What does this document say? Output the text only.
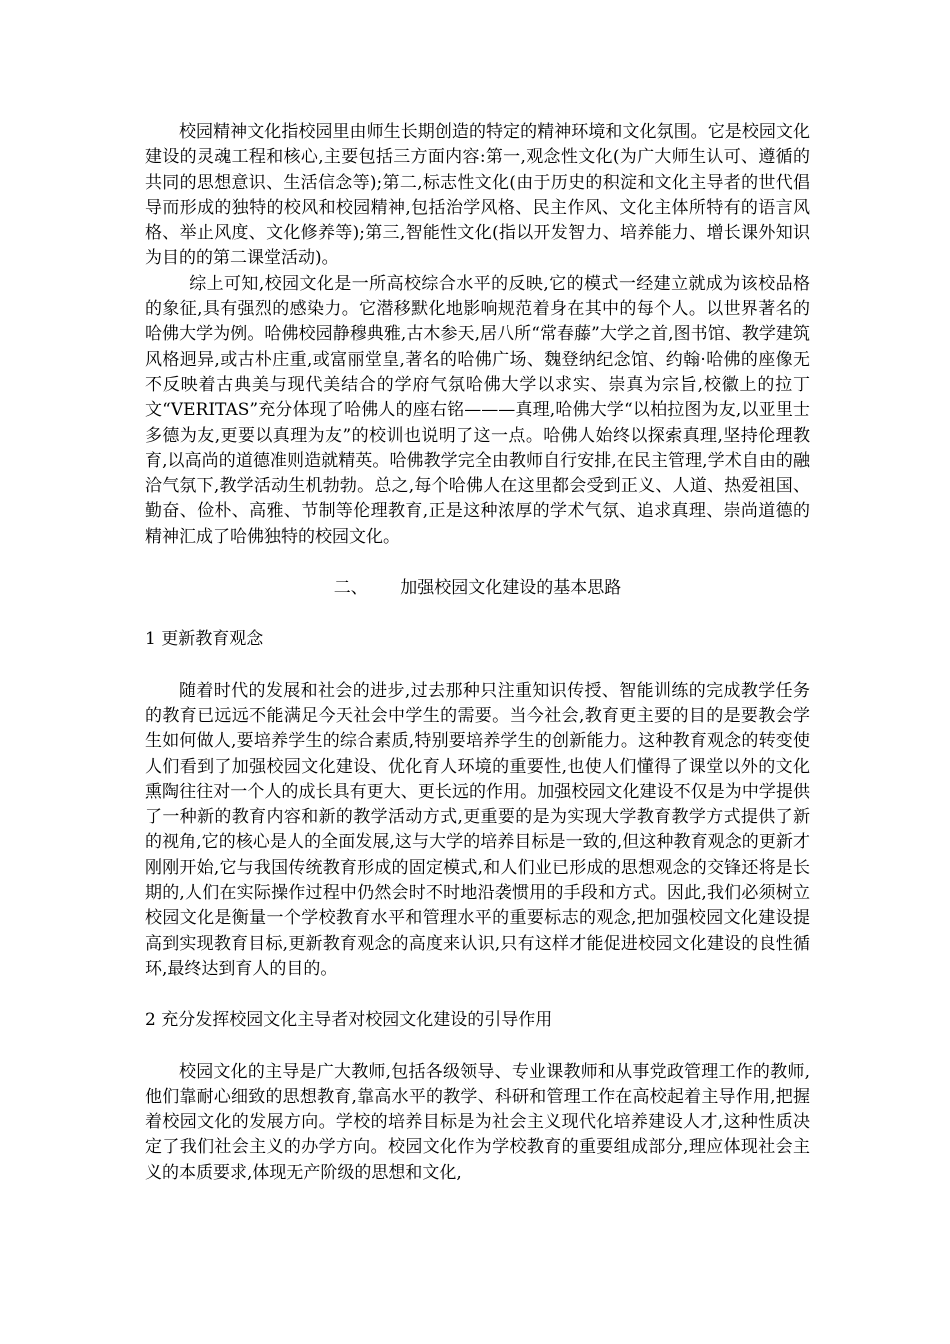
校园精神文化指校园里由师生长期创造的特定的精神环境和文化氛围。它是校园文化建设的灵魂工程和核心,主要包括三方面内容:第一,观念性文化(为广大师生认可、遵循的共同的思想意识、生活信念等);第二,标志性文化(由于历史的积淀和文化主导者的世代倡导而形成的独特的校风和校园精神,包括治学风格、民主作风、文化主体所特有的语言风格、举止风度、文化修养等);第三,智能性文化(指以开发智力、培养能力、增长课外知识为目的的第二课堂活动)。

综上可知,校园文化是一所高校综合水平的反映,它的模式一经建立就成为该校品格的象征,具有强烈的感染力。它潜移默化地影响规范着身在其中的每个人。以世界著名的哈佛大学为例。哈佛校园静穆典雅,古木参天,居八所“常春藤”大学之首,图书馆、教学建筑风格迥异,或古朴庄重,或富丽堂皇,著名的哈佛广场、魏登纳纪念馆、约翰·哈佛的座像无不反映着古典美与现代美结合的学府气氛哈佛大学以求实、崇真为宗旨,校徽上的拉丁文“VERITAS”充分体现了哈佛人的座右铭———真理,哈佛大学“以柏拉图为友,以亚里士多德为友,更要以真理为友”的校训也说明了这一点。哈佛人始终以探索真理,坚持伦理教育,以高尚的道德准则造就精英。哈佛教学完全由教师自行安排,在民主管理,学术自由的融洽气氛下,教学活动生机勃勃。总之,每个哈佛人在这里都会受到正义、人道、热爱祖国、勤奋、俭朴、高雅、节制等伦理教育,正是这种浓厚的学术气氛、追求真理、崇尚道德的精神汇成了哈佛独特的校园文化。

二、      加强校园文化建设的基本思路

1 更新教育观念

随着时代的发展和社会的进步,过去那种只注重知识传授、智能训练的完成教学任务的教育已远远不能满足今天社会中学生的需要。当今社会,教育更主要的目的是要教会学生如何做人,要培养学生的综合素质,特别要培养学生的创新能力。这种教育观念的转变使人们看到了加强校园文化建设、优化育人环境的重要性,也使人们懂得了课堂以外的文化熏陶往往对一个人的成长具有更大、更长远的作用。加强校园文化建设不仅是为中学提供了一种新的教育内容和新的教学活动方式,更重要的是为实现大学教育教学方式提供了新的视角,它的核心是人的全面发展,这与大学的培养目标是一致的,但这种教育观念的更新才刚刚开始,它与我国传统教育形成的固定模式,和人们业已形成的思想观念的交锋还将是长期的,人们在实际操作过程中仍然会时不时地沿袭惯用的手段和方式。因此,我们必须树立校园文化是衡量一个学校教育水平和管理水平的重要标志的观念,把加强校园文化建设提高到实现教育目标,更新教育观念的高度来认识,只有这样才能促进校园文化建设的良性循环,最终达到育人的目的。

2 充分发挥校园文化主导者对校园文化建设的引导作用

校园文化的主导是广大教师,包括各级领导、专业课教师和从事党政管理工作的教师,他们靠耐心细致的思想教育,靠高水平的教学、科研和管理工作在高校起着主导作用,把握着校园文化的发展方向。学校的培养目标是为社会主义现代化培养建设人才,这种性质决定了我们社会主义的办学方向。校园文化作为学校教育的重要组成部分,理应体现社会主义的本质要求,体现无产阶级的思想和文化,
